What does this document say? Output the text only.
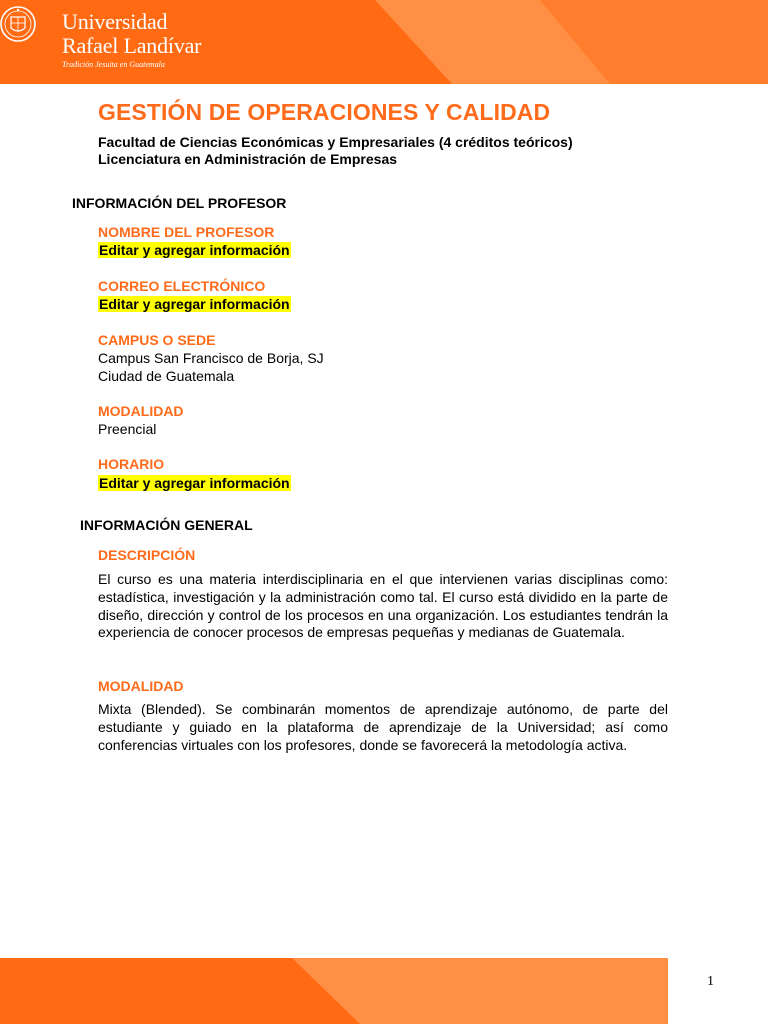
Universidad
Rafael Landívar
Tradición Jesuita en Guatemala
GESTIÓN DE OPERACIONES Y CALIDAD
Facultad de Ciencias Económicas y Empresariales (4 créditos teóricos)
Licenciatura en Administración de Empresas
INFORMACIÓN DEL PROFESOR
NOMBRE DEL PROFESOR
Editar y agregar información
CORREO ELECTRÓNICO
Editar y agregar información
CAMPUS O SEDE
Campus San Francisco de Borja, SJ
Ciudad de Guatemala
MODALIDAD
Preencial
HORARIO
Editar y agregar información
INFORMACIÓN GENERAL
DESCRIPCIÓN

El curso es una materia interdisciplinaria en el que intervienen varias disciplinas como: estadística, investigación y la administración como tal. El curso está dividido en la parte de diseño, dirección y control de los procesos en una organización. Los estudiantes tendrán la experiencia de conocer procesos de empresas pequeñas y medianas de Guatemala.

MODALIDAD

Mixta (Blended). Se combinarán momentos de aprendizaje autónomo, de parte del estudiante y guiado en la plataforma de aprendizaje de la Universidad; así como conferencias virtuales con los profesores, donde se favorecerá la metodología activa.

1
